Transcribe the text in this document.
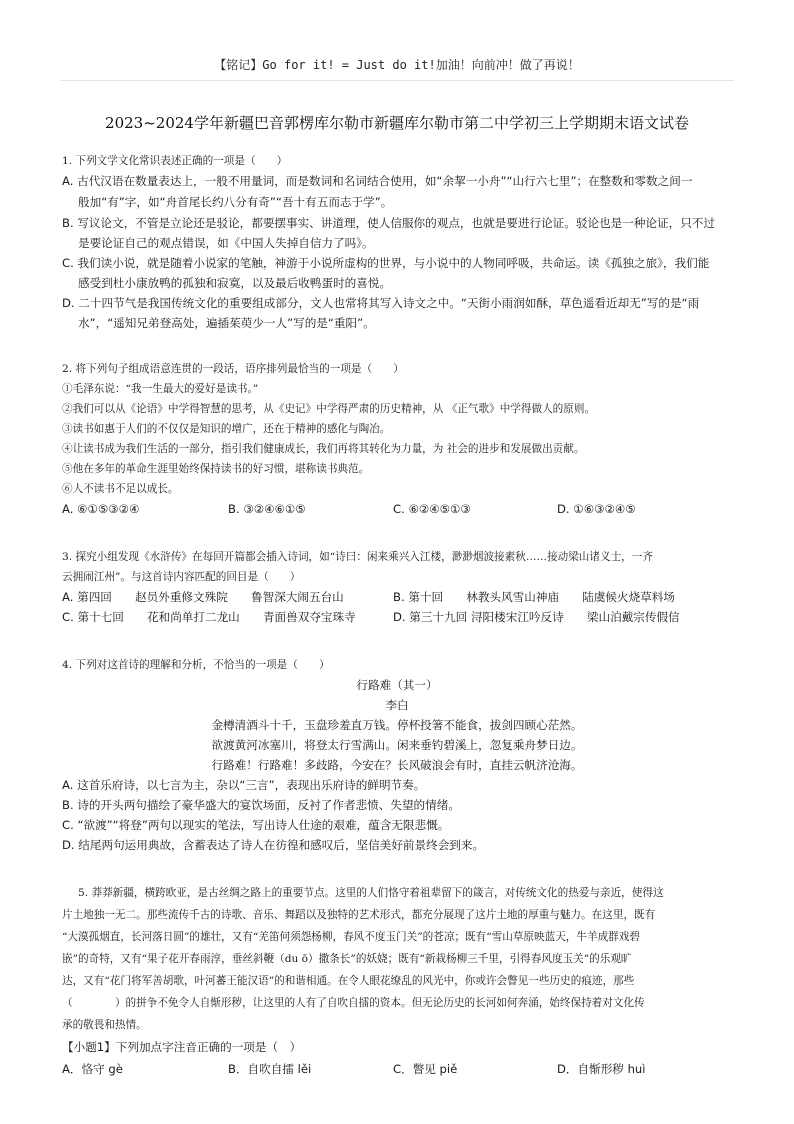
【铭记】Go for it! = Just do it!加油！向前冲！做了再说！
2023~2024学年新疆巴音郭楞库尔勒市新疆库尔勒市第二中学初三上学期期末语文试卷
1. 下列文学文化常识表述正确的一项是（　　）
A. 古代汉语在数量表达上，一般不用量词，而是数词和名词结合使用，如“余挈一小舟”“山行六七里”；在整数和零数之间一
般加“有”字，如“舟首尾长约八分有奇”“吾十有五而志于学”。
B. 写议论文，不管是立论还是驳论，都要摆事实、讲道理，使人信服你的观点，也就是要进行论证。驳论也是一种论证，只不过
是要论证自己的观点错误，如《中国人失掉自信力了吗》。
C. 我们读小说，就是随着小说家的笔触，神游于小说所虚构的世界，与小说中的人物同呼吸，共命运。读《孤独之旅》，我们能
感受到杜小康放鸭的孤独和寂寞，以及最后收鸭蛋时的喜悦。
D. 二十四节气是我国传统文化的重要组成部分，文人也常将其写入诗文之中。“天街小雨润如酥，草色遥看近却无”写的是“雨
水”，“遥知兄弟登高处，遍插茱萸少一人”写的是“重阳”。
2. 将下列句子组成语意连贯的一段话，语序排列最恰当的一项是（　　）
①毛泽东说：“我一生最大的爱好是读书。”
②我们可以从《论语》中学得智慧的思考，从《史记》中学得严肃的历史精神，从 《正气歌》中学得做人的原则。
③读书如惠于人们的不仅仅是知识的增广，还在于精神的感化与陶冶。
④让读书成为我们生活的一部分，指引我们健康成长，我们再将其转化为力量，为 社会的进步和发展做出贡献。
⑤他在多年的革命生涯里始终保持读书的好习惯，堪称读书典范。
⑥人不读书不足以成长。
A. ⑥①⑤③②④	B. ③②④⑥①⑤	C. ⑥②④⑤①③	D. ①⑥③②④⑤
3. 探究小组发现《水浒传》在每回开篇都会插入诗词，如“诗曰：闲来乘兴入江楼，渺渺烟波接素秋……接动梁山诸义士，一齐
云拥闹江州”。与这首诗内容匹配的回目是（　　）
A. 第四回　　赵员外重修文殊院　　鲁智深大闹五台山	B. 第十回　　林教头风雪山神庙　　陆虞候火烧草料场
C. 第十七回　　花和尚单打二龙山　　青面兽双夺宝珠寺	D. 第三十九回 浔阳楼宋江吟反诗　　梁山泊戴宗传假信
4. 下列对这首诗的理解和分析，不恰当的一项是（　　）
行路难（其一）
李白
金樽清酒斗十千，玉盘珍羞直万钱。停杯投箸不能食，拔剑四顾心茫然。
欲渡黄河冰塞川，将登太行雪满山。闲来垂钓碧溪上，忽复乘舟梦日边。
行路难！行路难！多歧路，今安在？长风破浪会有时，直挂云帆济沧海。
A. 这首乐府诗，以七言为主，杂以“三言”，表现出乐府诗的鲜明节奏。
B. 诗的开头两句描绘了豪华盛大的宴饮场面，反衬了作者悲愤、失望的情绪。
C. “欲渡”“将登”两句以现实的笔法，写出诗人仕途的艰难，蕴含无限悲慨。
D. 结尾两句运用典故，含蓄表达了诗人在彷徨和感叹后，坚信美好前景终会到来。
5. 莽莽新疆，横跨欧亚，是古丝绸之路上的重要节点。这里的人们恪守着祖辈留下的箴言，对传统文化的热爱与亲近，使得这
片土地独一无二。那些流传千古的诗歌、音乐、舞蹈以及独特的艺术形式，都充分展现了这片土地的厚重与魅力。在这里，既有
“大漠孤烟直，长河落日圆”的雄壮，又有“羌笛何须怨杨柳，春风不度玉门关”的苍凉；既有“雪山草原映蓝天，牛羊成群戏碧
嵌”的奇特，又有“果子花开春雨淳，垂丝斜鞭（du ō）撒条长”的妖娆；既有“新栽杨柳三千里，引得春风度玉关”的乐观旷
达，又有“花门将军善胡歌，叶河蕃王能汉语”的和谐相通。在令人眼花缭乱的风光中，你或许会瞥见一些历史的痕迹，那些
（　　　　）的拼争不免令人自惭形秽，让这里的人有了自吹自擂的资本。但无论历史的长河如何奔涌，始终保持着对文化传
承的敬畏和热情。
【小题1】下列加点字注音正确的一项是（　）
A．恪守 gè	B．自吹自擂 lěi	C．瞥见 piě	D．自惭形秽 huì
